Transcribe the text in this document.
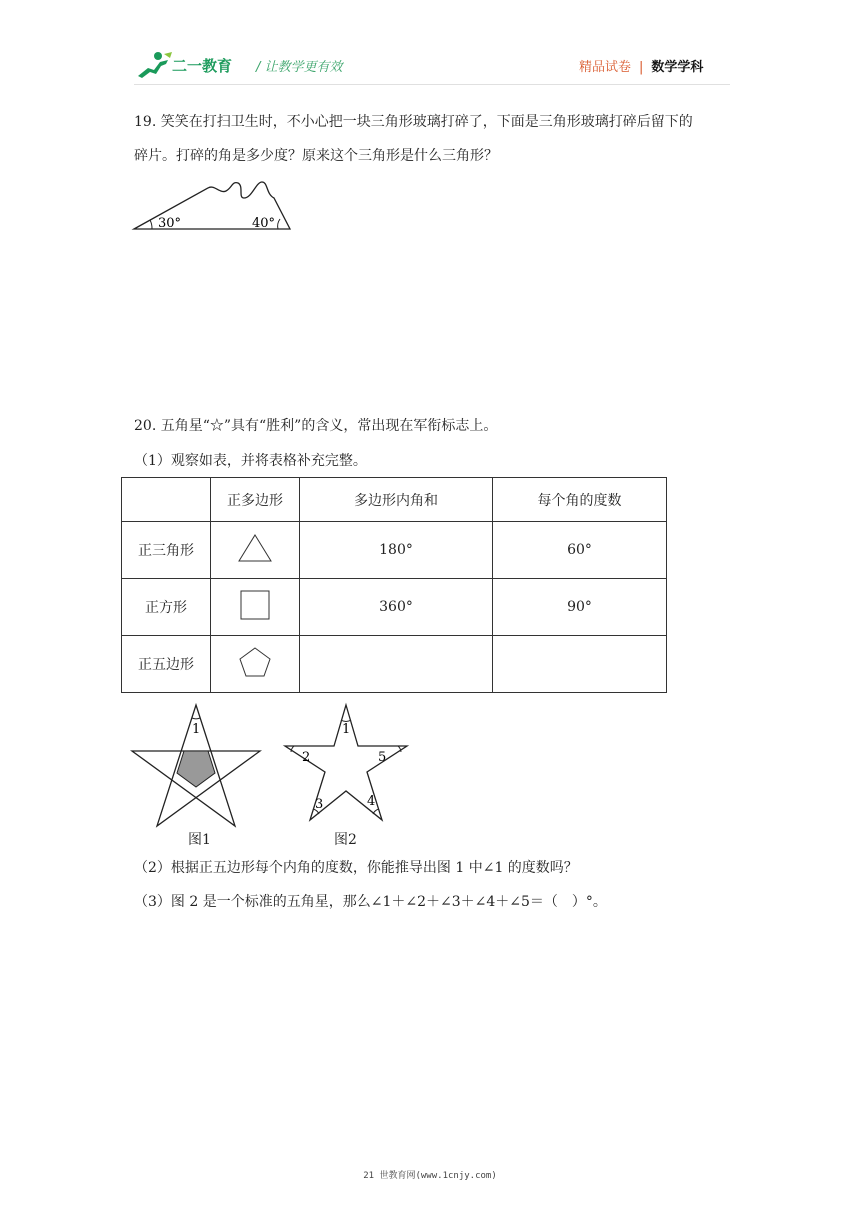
二一教育 / 让教学更有效	精品试卷 | 数学学科
19. 笑笑在打扫卫生时，不小心把一块三角形玻璃打碎了，下面是三角形玻璃打碎后留下的
碎片。打碎的角是多少度？原来这个三角形是什么三角形？
30°	40°
20. 五角星“☆”具有“胜利”的含义，常出现在军衔标志上。
（1）观察如表，并将表格补充完整。
	正多边形	多边形内角和	每个角的度数
正三角形		180°	60°
正方形		360°	90°
正五边形			
1
图1
1
2
3	4
5
图2
（2）根据正五边形每个内角的度数，你能推导出图 1 中∠1 的度数吗？
（3）图 2 是一个标准的五角星，那么∠1＋∠2＋∠3＋∠4＋∠5＝（　）°。
21 世教育网(www.1cnjy.com)
